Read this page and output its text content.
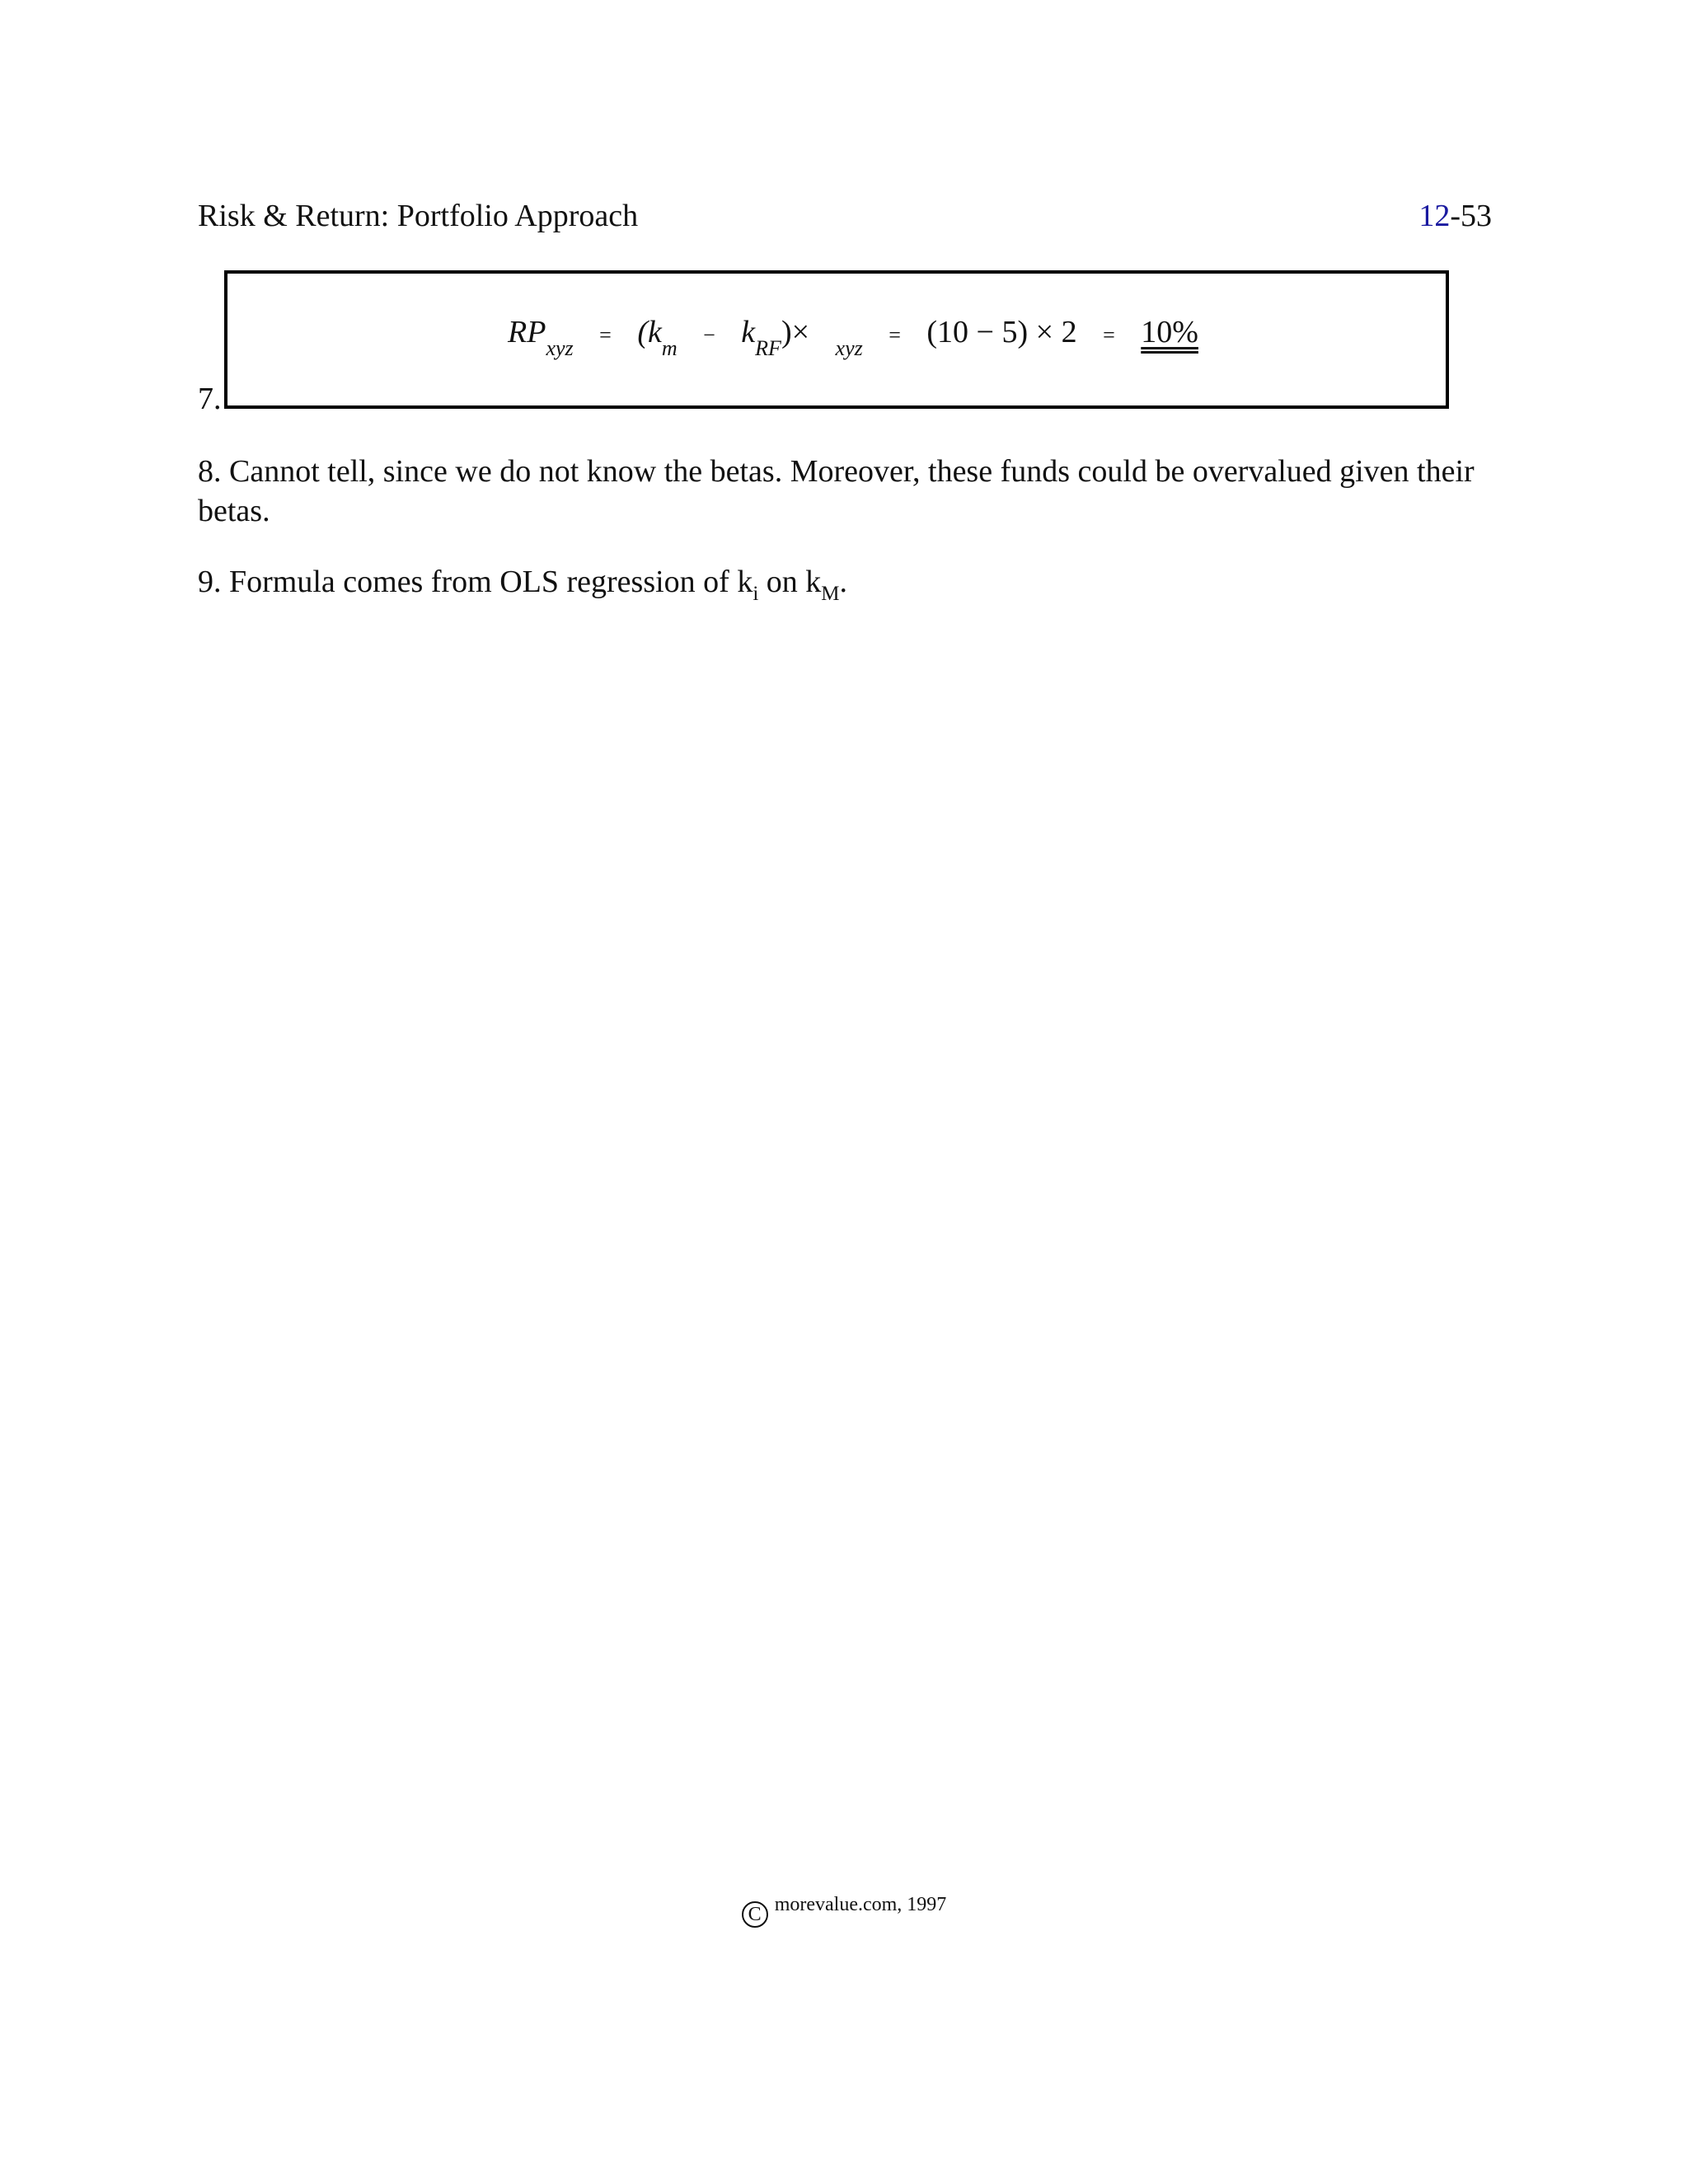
Risk & Return: Portfolio Approach	12-53
$RP_{xyz} = (k_m - k_{RF})\times _{xyz} = (10 - 5) \times 2 = 10\%$
7.
8. Cannot tell, since we do not know the betas. Moreover, these funds could be overvalued given their betas.
9. Formula comes from OLS regression of $k_i$ on $k_M$.
C morevalue.com, 1997
